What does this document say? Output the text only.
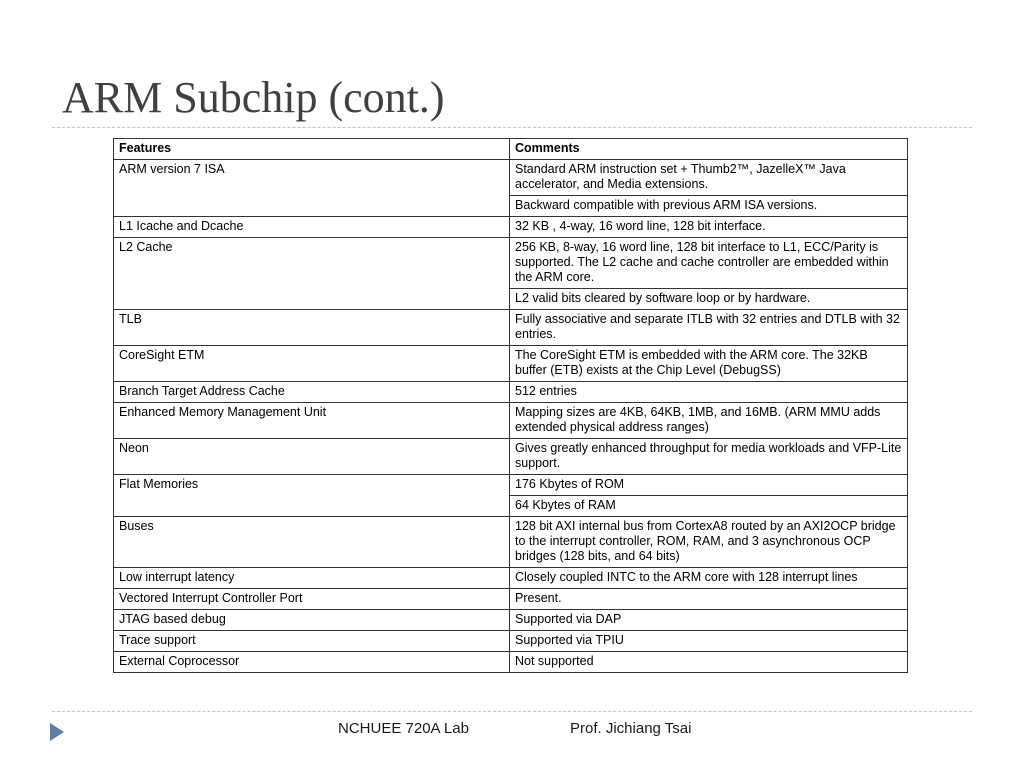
ARM Subchip (cont.)
Features	Comments
ARM version 7 ISA	Standard ARM instruction set + Thumb2™, JazelleX™ Java accelerator, and Media extensions.
	Backward compatible with previous ARM ISA versions.
L1 Icache and Dcache	32 KB , 4-way, 16 word line, 128 bit interface.
L2 Cache	256 KB, 8-way, 16 word line, 128 bit interface to L1, ECC/Parity is supported. The L2 cache and cache controller are embedded within the ARM core.
	L2 valid bits cleared by software loop or by hardware.
TLB	Fully associative and separate ITLB with 32 entries and DTLB with 32 entries.
CoreSight ETM	The CoreSight ETM is embedded with the ARM core. The 32KB buffer (ETB) exists at the Chip Level (DebugSS)
Branch Target Address Cache	512 entries
Enhanced Memory Management Unit	Mapping sizes are 4KB, 64KB, 1MB, and 16MB. (ARM MMU adds extended physical address ranges)
Neon	Gives greatly enhanced throughput for media workloads and VFP-Lite support.
Flat Memories	176 Kbytes of ROM
	64 Kbytes of RAM
Buses	128 bit AXI internal bus from CortexA8 routed by an AXI2OCP bridge to the interrupt controller, ROM, RAM, and 3 asynchronous OCP bridges (128 bits, and 64 bits)
Low interrupt latency	Closely coupled INTC to the ARM core with 128 interrupt lines
Vectored Interrupt Controller Port	Present.
JTAG based debug	Supported via DAP
Trace support	Supported via TPIU
External Coprocessor	Not supported
NCHUEE 720A Lab	Prof. Jichiang Tsai
